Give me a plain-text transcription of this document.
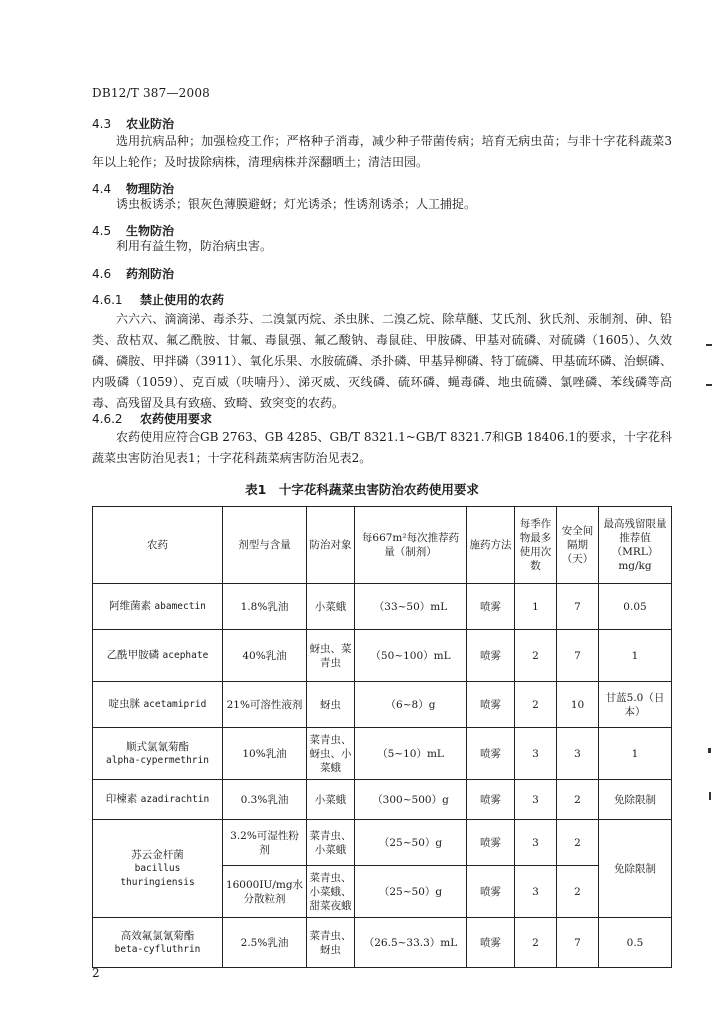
DB12/T 387—2008
4.3 农业防治

选用抗病品种；加强检疫工作；严格种子消毒，减少种子带菌传病；培育无病虫苗；与非十字花科蔬菜3年以上轮作；及时拔除病株，清理病株并深翻晒土；清洁田园。

4.4 物理防治

诱虫板诱杀；银灰色薄膜避蚜；灯光诱杀；性诱剂诱杀；人工捕捉。

4.5 生物防治

利用有益生物，防治病虫害。

4.6 药剂防治
4.6.1 禁止使用的农药

六六六、滴滴涕、毒杀芬、二溴氯丙烷、杀虫脒、二溴乙烷、除草醚、艾氏剂、狄氏剂、汞制剂、砷、铅类、敌枯双、氟乙酰胺、甘氟、毒鼠强、氟乙酸钠、毒鼠硅、甲胺磷、甲基对硫磷、对硫磷（1605）、久效磷、磷胺、甲拌磷（3911）、氧化乐果、水胺硫磷、杀扑磷、甲基异柳磷、特丁硫磷、甲基硫环磷、治螟磷、内吸磷（1059）、克百威（呋喃丹）、涕灭威、灭线磷、硫环磷、蝇毒磷、地虫硫磷、氯唑磷、苯线磷等高毒、高残留及具有致癌、致畸、致突变的农药。

4.6.2 农药使用要求

农药使用应符合GB 2763、GB 4285、GB/T 8321.1~GB/T 8321.7和GB 18406.1的要求，十字花科蔬菜虫害防治见表1；十字花科蔬菜病害防治见表2。

表1　十字花科蔬菜虫害防治农药使用要求
农药	剂型与含量	防治对象	每667m²每次推荐药量（制剂）	施药方法	每季作物最多使用次数	安全间隔期（天）	最高残留限量推荐值（MRL）mg/kg
阿维菌素 abamectin	1.8%乳油	小菜蛾	（33~50）mL	喷雾	1	7	0.05
乙酰甲胺磷 acephate	40%乳油	蚜虫、菜青虫	（50~100）mL	喷雾	2	7	1
啶虫脒 acetamiprid	21%可溶性液剂	蚜虫	（6~8）g	喷雾	2	10	甘蓝5.0（日本）

顺式氯氰菊酯
alpha-cypermethrin	10%乳油	菜青虫、蚜虫、小菜蛾	（5~10）mL	喷雾	3	3	1
印楝素 azadirachtin	0.3%乳油	小菜蛾	（300~500）g	喷雾	3	2	免除限制

苏云金杆菌
bacillus thuringiensis	3.2%可湿性粉剂	菜青虫、小菜蛾	（25~50）g	喷雾	3	2	免除限制
	16000IU/mg水分散粒剂	菜青虫、小菜蛾、甜菜夜蛾	（25~50）g	喷雾	3	2	

高效氟氯氰菊酯
beta-cyfluthrin	2.5%乳油	菜青虫、蚜虫	（26.5~33.3）mL	喷雾	2	7	0.5
2
